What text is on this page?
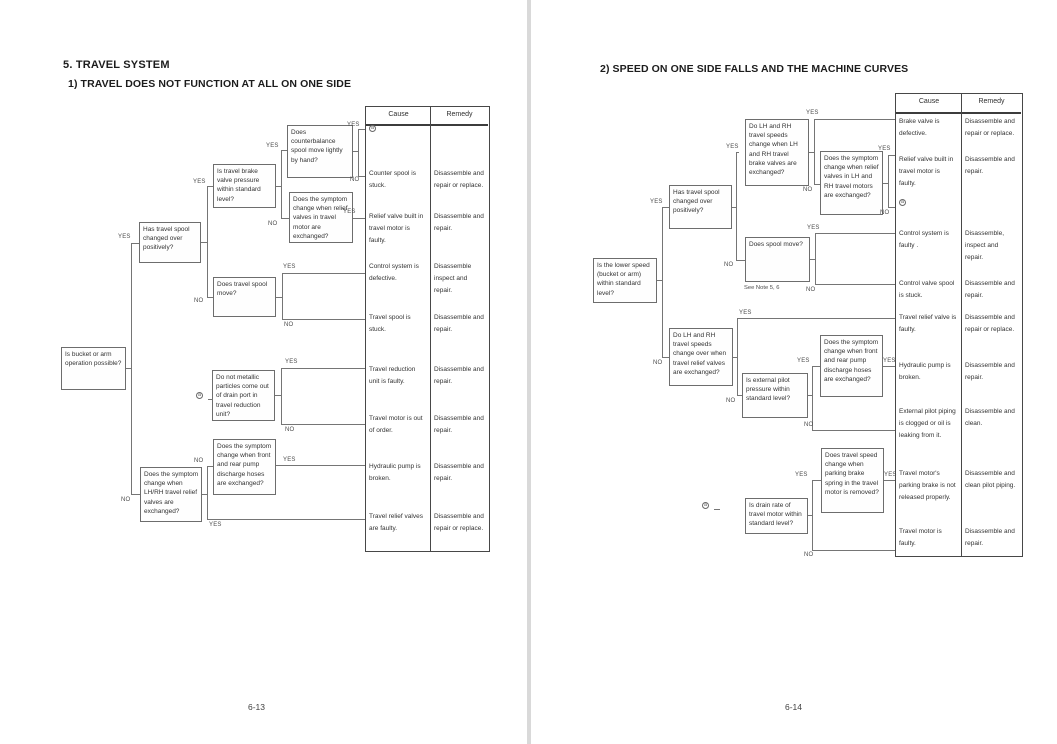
5. TRAVEL SYSTEM
1) TRAVEL DOES NOT FUNCTION AT ALL ON ONE SIDE
Is bucket or arm operation possible?
Has travel spool changed over positively?
Is travel brake valve pressure within standard level?
Does counterbalance spool move lightly by hand?
Does the symptom change when relief valves in travel motor are exchanged?
Does travel spool move?
Do not metallic particles come out of drain port in travel reduction unit?
Does the symptom change when front and rear pump discharge hoses are exchanged?
Does the symptom change when LH/RH travel relief valves are exchanged?
YES
NO
YES
NO
YES
NO
YES
NO
YES
YES
NO
YES
NO
YES
NO
YES
a
Cause	Remedy
a
Counter spool is stuck.
Disassemble and repair or replace.
Relief valve built in travel motor is faulty.
Disassemble and repair.
Control system is defective.
Disassemble inspect and repair.
Travel spool is stuck.
Disassemble and repair.
Travel reduction unit is faulty.
Disassemble and repair.
Travel motor is out of order.
Disassemble and repair.
Hydraulic pump is broken.
Disassemble and repair.
Travel relief valves are faulty.
Disassemble and repair or replace.
6-13
2) SPEED ON ONE SIDE FALLS AND THE MACHINE CURVES
Is the lower speed (bucket or arm) within standard level?
Has travel spool changed over positively?
Do LH and RH travel speeds change when LH and RH travel brake valves are exchanged?
Does the symptom change when relief valves in LH and RH travel motors are exchanged?
Does spool move?
Do LH and RH travel speeds change over when travel relief valves are exchanged?
Is external pilot pressure within standard level?
Does the symptom change when front and rear pump discharge hoses are exchanged?
Is drain rate of travel motor within standard level?
Does travel speed change when parking brake spring in the travel motor is removed?
YES
NO
YES
NO
YES
NO
YES
NO
YES
NO
YES
NO
YES
NO
YES
YES
NO
YES
a
See Note 5, 6
Cause	Remedy
Brake valve is defective.
Disassemble and repair or replace.
Relief valve built in travel motor is faulty.
Disassemble and repair.
a
Control system is faulty .
Disassemble, inspect and repair.
Control valve spool is stuck.
Disassemble and repair.
Travel relief valve is faulty.
Disassemble and repair or replace.
Hydraulic pump is broken.
Disassemble and repair.
External pilot piping is clogged or oil is leaking from it.
Disassemble and clean.
Travel motor's parking brake is not released properly.
Disassemble and clean pilot piping.
Travel motor is faulty.
Disassemble and repair.
6-14
